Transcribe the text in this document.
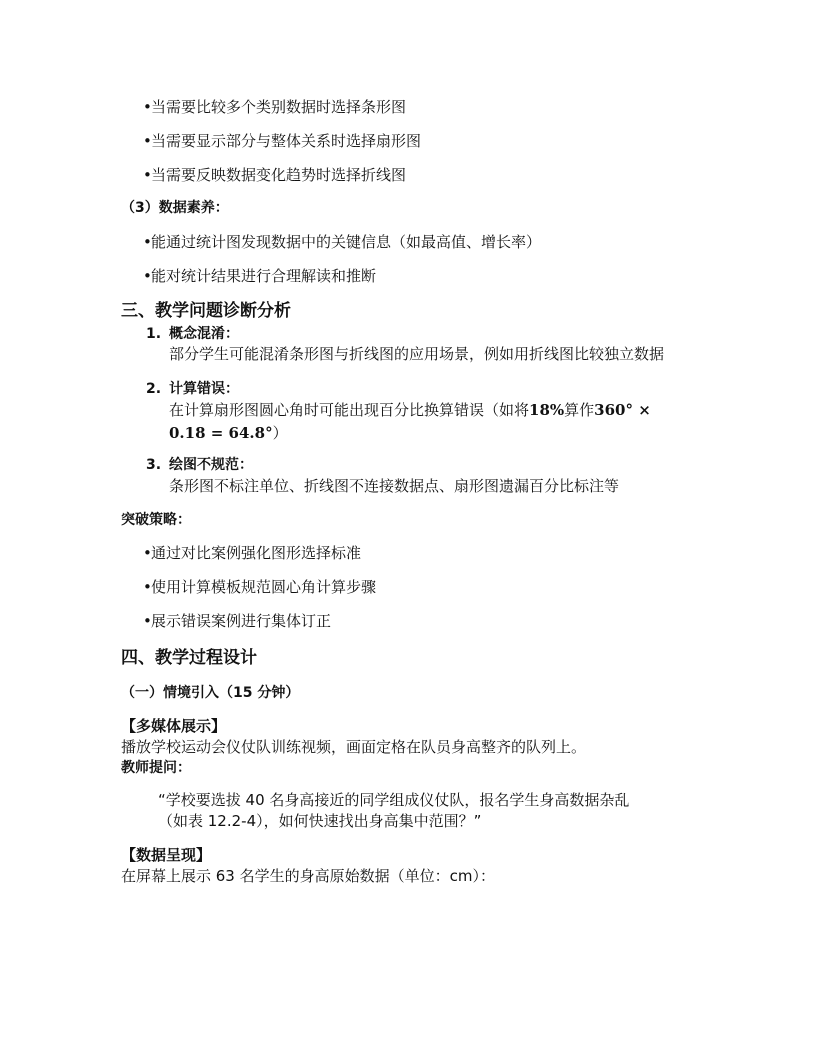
•当需要比较多个类别数据时选择条形图
•当需要显示部分与整体关系时选择扇形图
•当需要反映数据变化趋势时选择折线图
（3）数据素养：
•能通过统计图发现数据中的关键信息（如最高值、增长率）
•能对统计结果进行合理解读和推断
三、教学问题诊断分析
1. 概念混淆：
部分学生可能混淆条形图与折线图的应用场景，例如用折线图比较独立数据
2. 计算错误：
在计算扇形图圆心角时可能出现百分比换算错误（如将18%算作360° ×
0.18 = 64.8°）
3. 绘图不规范：
条形图不标注单位、折线图不连接数据点、扇形图遗漏百分比标注等
突破策略：
•通过对比案例强化图形选择标准
•使用计算模板规范圆心角计算步骤
•展示错误案例进行集体订正
四、教学过程设计
（一）情境引入（15 分钟）
【多媒体展示】
播放学校运动会仪仗队训练视频，画面定格在队员身高整齐的队列上。
教师提问：
“学校要选拔 40 名身高接近的同学组成仪仗队，报名学生身高数据杂乱
（如表 12.2-4），如何快速找出身高集中范围？”
【数据呈现】
在屏幕上展示 63 名学生的身高原始数据（单位：cm）：
